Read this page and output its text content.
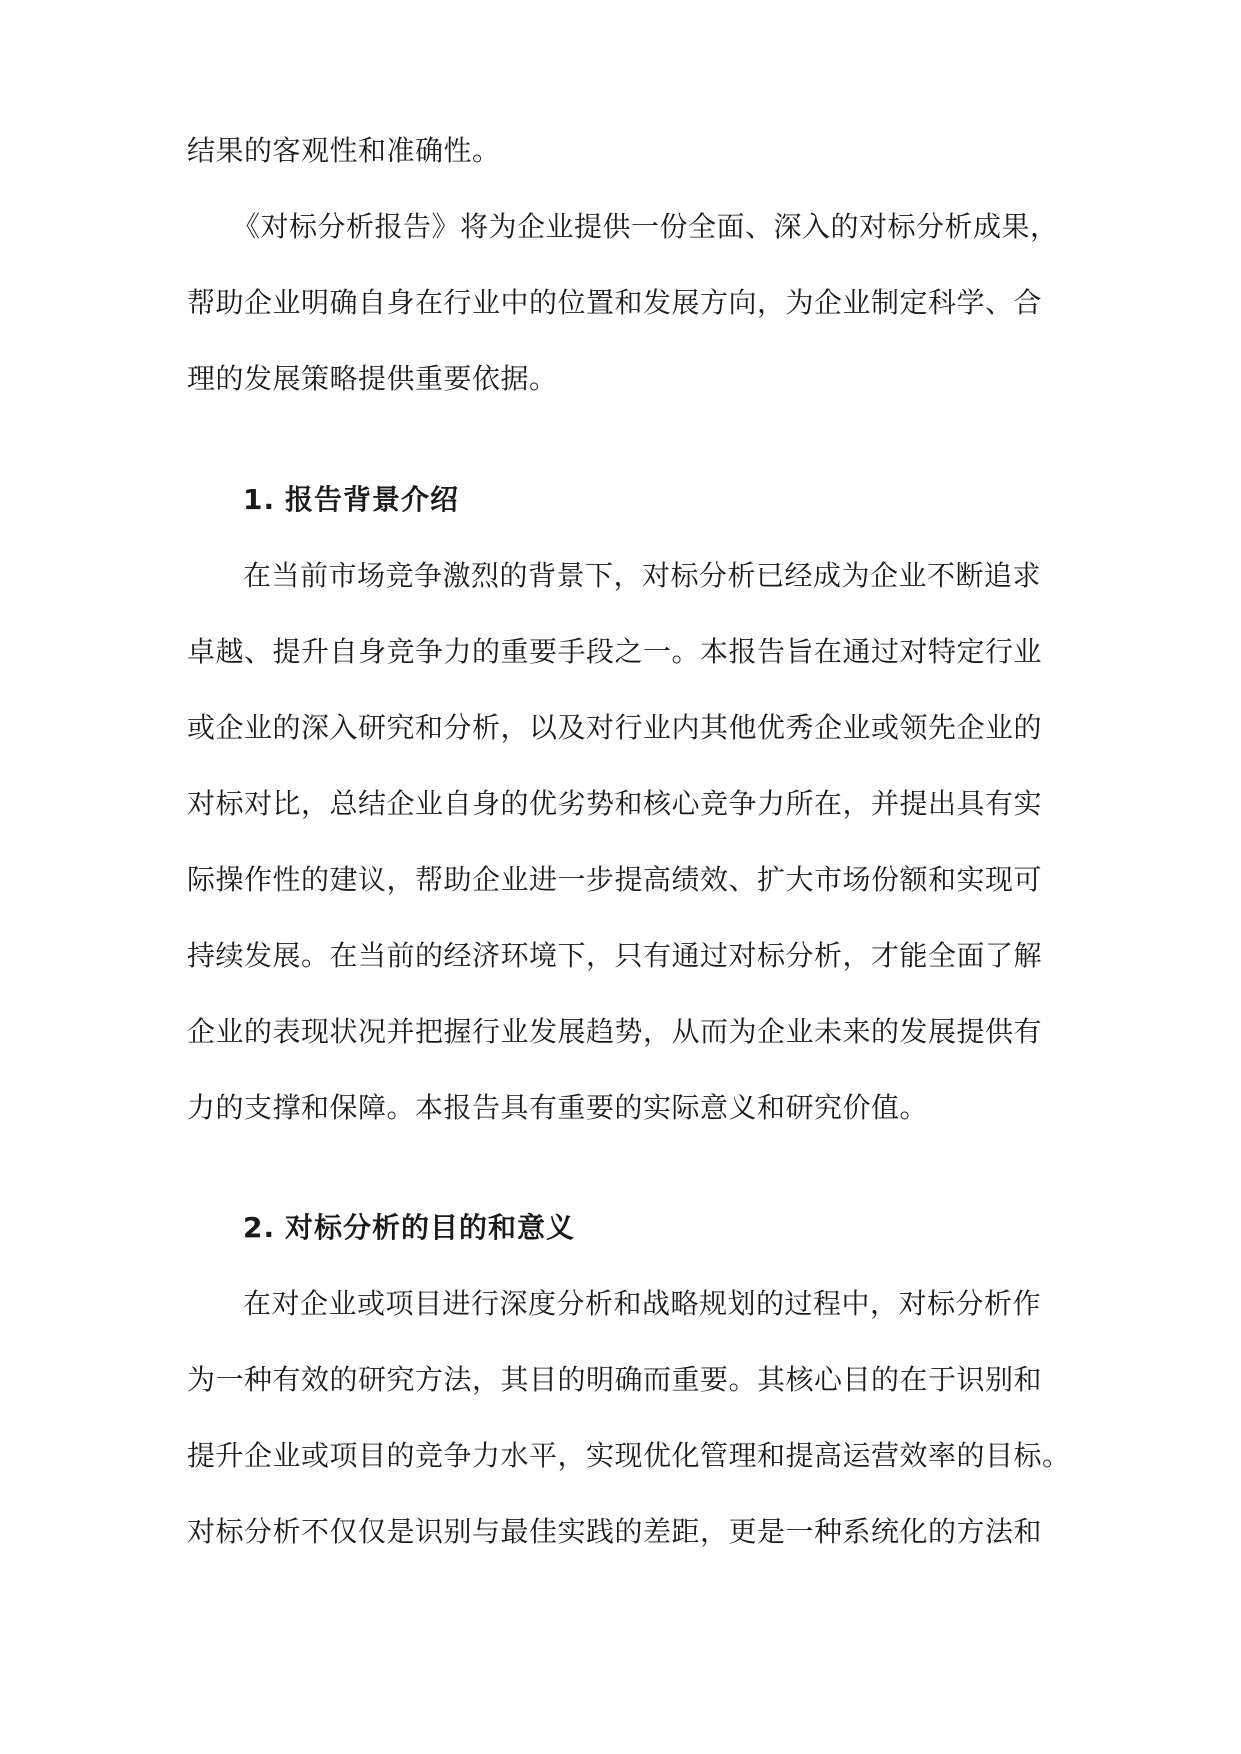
结果的客观性和准确性。
《对标分析报告》将为企业提供一份全面、深入的对标分析成果，
帮助企业明确自身在行业中的位置和发展方向，为企业制定科学、合
理的发展策略提供重要依据。
1. 报告背景介绍
在当前市场竞争激烈的背景下，对标分析已经成为企业不断追求
卓越、提升自身竞争力的重要手段之一。本报告旨在通过对特定行业
或企业的深入研究和分析，以及对行业内其他优秀企业或领先企业的
对标对比，总结企业自身的优劣势和核心竞争力所在，并提出具有实
际操作性的建议，帮助企业进一步提高绩效、扩大市场份额和实现可
持续发展。在当前的经济环境下，只有通过对标分析，才能全面了解
企业的表现状况并把握行业发展趋势，从而为企业未来的发展提供有
力的支撑和保障。本报告具有重要的实际意义和研究价值。
2. 对标分析的目的和意义
在对企业或项目进行深度分析和战略规划的过程中，对标分析作
为一种有效的研究方法，其目的明确而重要。其核心目的在于识别和
提升企业或项目的竞争力水平，实现优化管理和提高运营效率的目标。
对标分析不仅仅是识别与最佳实践的差距，更是一种系统化的方法和
